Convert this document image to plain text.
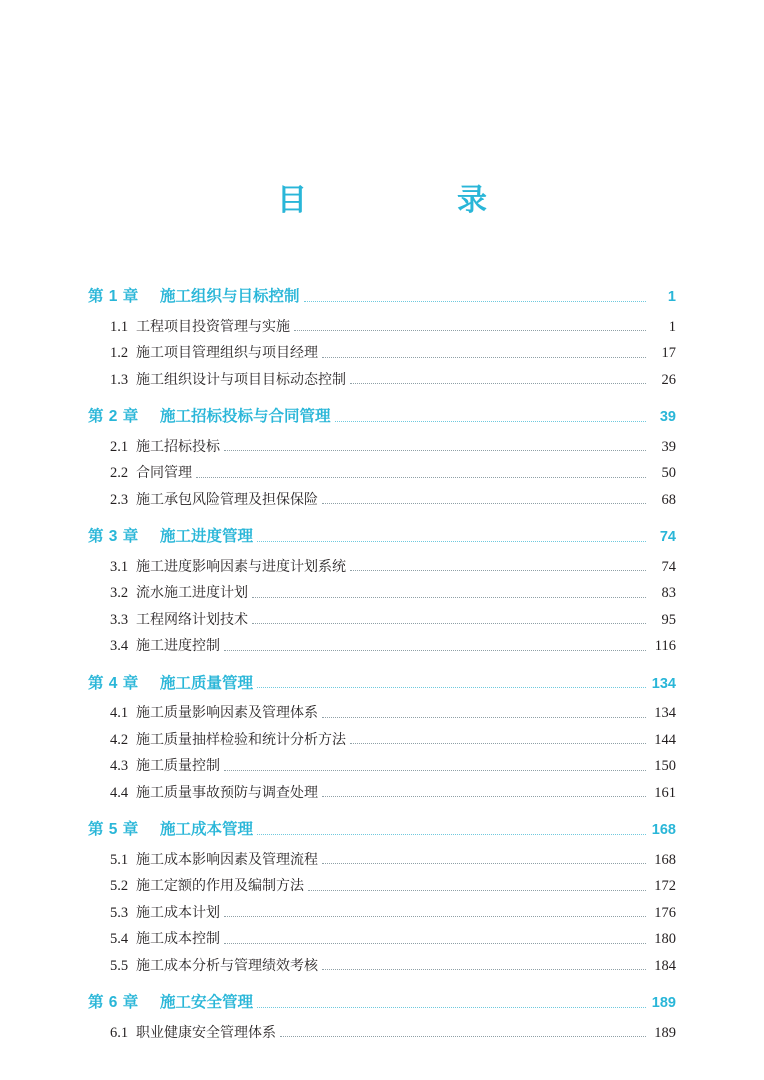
目　　录
第 1 章	施工组织与目标控制	1
1.1 工程项目投资管理与实施	1
1.2 施工项目管理组织与项目经理	17
1.3 施工组织设计与项目目标动态控制	26
第 2 章	施工招标投标与合同管理	39
2.1 施工招标投标	39
2.2 合同管理	50
2.3 施工承包风险管理及担保保险	68
第 3 章	施工进度管理	74
3.1 施工进度影响因素与进度计划系统	74
3.2 流水施工进度计划	83
3.3 工程网络计划技术	95
3.4 施工进度控制	116
第 4 章	施工质量管理	134
4.1 施工质量影响因素及管理体系	134
4.2 施工质量抽样检验和统计分析方法	144
4.3 施工质量控制	150
4.4 施工质量事故预防与调查处理	161
第 5 章	施工成本管理	168
5.1 施工成本影响因素及管理流程	168
5.2 施工定额的作用及编制方法	172
5.3 施工成本计划	176
5.4 施工成本控制	180
5.5 施工成本分析与管理绩效考核	184
第 6 章	施工安全管理	189
6.1 职业健康安全管理体系	189
